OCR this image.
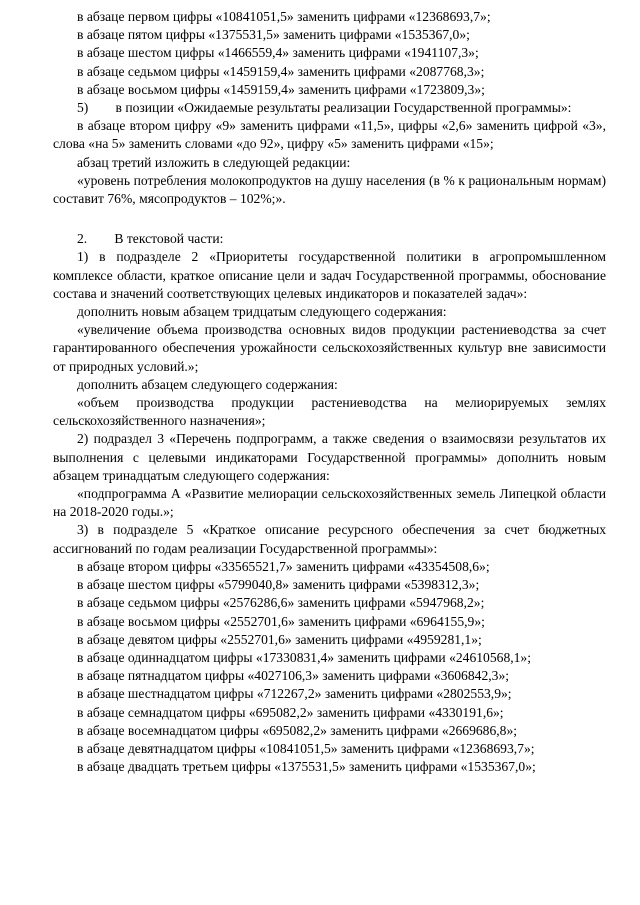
в абзаце первом цифры «10841051,5» заменить цифрами «12368693,7»;

в абзаце пятом цифры «1375531,5» заменить цифрами «1535367,0»;

в абзаце шестом цифры «1466559,4» заменить цифрами «1941107,3»;

в абзаце седьмом цифры «1459159,4» заменить цифрами «2087768,3»;

в абзаце восьмом цифры «1459159,4» заменить цифрами «1723809,3»;

5)  в позиции «Ожидаемые результаты реализации Государственной программы»:

в абзаце втором цифру «9» заменить цифрами «11,5», цифры «2,6» заменить цифрой «3», слова «на 5» заменить словами «до 92», цифру «5» заменить цифрами «15»;

абзац третий изложить в следующей редакции:

«уровень потребления молокопродуктов на душу населения (в % к рациональным нормам) составит 76%, мясопродуктов – 102%;».

2.  В текстовой части:

1) в подразделе 2 «Приоритеты государственной политики в агропромышленном комплексе области, краткое описание цели и задач Государственной программы, обоснование состава и значений соответствующих целевых индикаторов и показателей задач»:

дополнить новым абзацем тридцатым следующего содержания:

«увеличение объема производства основных видов продукции растениеводства за счет гарантированного обеспечения урожайности сельскохозяйственных культур вне зависимости от природных условий.»;

дополнить абзацем следующего содержания:

«объем производства продукции растениеводства на мелиорируемых землях сельскохозяйственного назначения»;

2) подраздел 3 «Перечень подпрограмм, а также сведения о взаимосвязи результатов их выполнения с целевыми индикаторами Государственной программы» дополнить новым абзацем тринадцатым следующего содержания:

«подпрограмма А «Развитие мелиорации сельскохозяйственных земель Липецкой области на 2018-2020 годы.»;

3) в подразделе 5 «Краткое описание ресурсного обеспечения за счет бюджетных ассигнований по годам реализации Государственной программы»:

в абзаце втором цифры «33565521,7» заменить цифрами «43354508,6»;

в абзаце шестом цифры «5799040,8» заменить цифрами «5398312,3»;

в абзаце седьмом цифры «2576286,6» заменить цифрами «5947968,2»;

в абзаце восьмом цифры «2552701,6» заменить цифрами «6964155,9»;

в абзаце девятом цифры «2552701,6» заменить цифрами «4959281,1»;

в абзаце одиннадцатом цифры «17330831,4» заменить цифрами «24610568,1»;

в абзаце пятнадцатом цифры «4027106,3» заменить цифрами «3606842,3»;

в абзаце шестнадцатом цифры «712267,2» заменить цифрами «2802553,9»;

в абзаце семнадцатом цифры «695082,2» заменить цифрами «4330191,6»;

в абзаце восемнадцатом цифры «695082,2» заменить цифрами «2669686,8»;

в абзаце девятнадцатом цифры «10841051,5» заменить цифрами «12368693,7»;

в абзаце двадцать третьем цифры «1375531,5» заменить цифрами «1535367,0»;
